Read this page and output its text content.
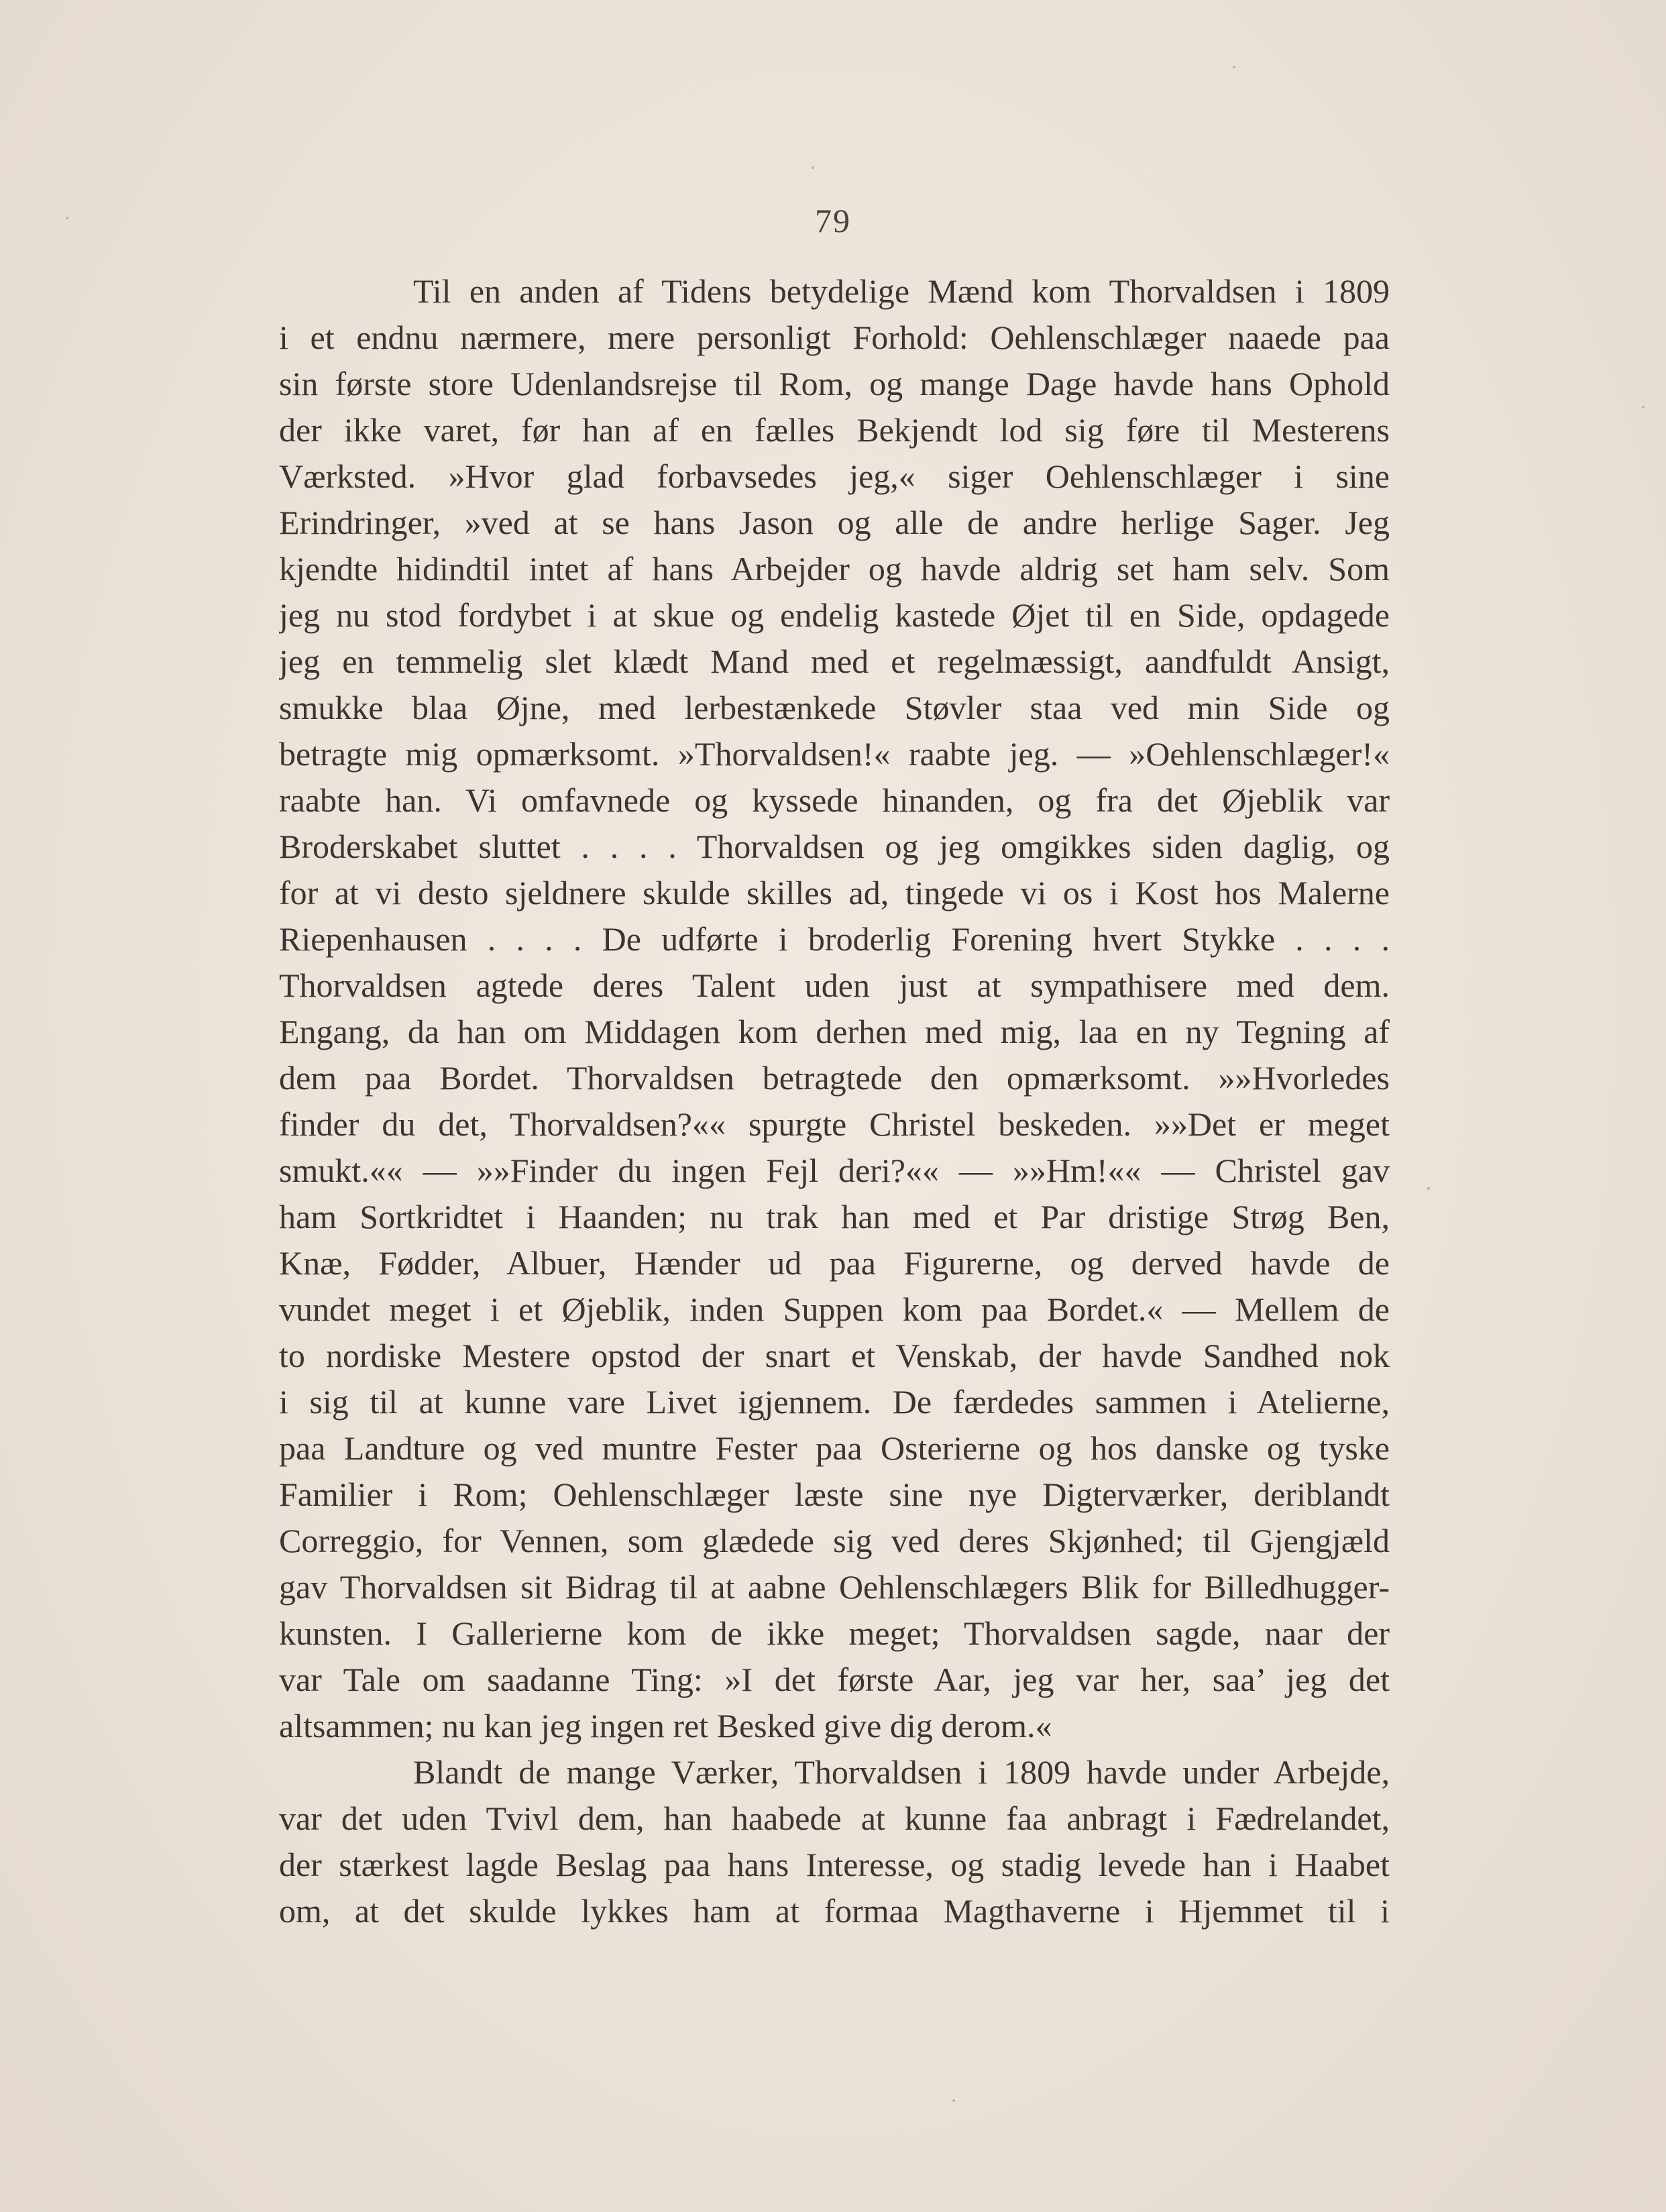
79
Til en anden af Tidens betydelige Mænd kom Thorvaldsen i 1809
i et endnu nærmere, mere personligt Forhold: Oehlenschlæger naaede paa
sin første store Udenlandsrejse til Rom, og mange Dage havde hans Ophold
der ikke varet, før han af en fælles Bekjendt lod sig føre til Mesterens
Værksted. »Hvor glad forbavsedes jeg,« siger Oehlenschlæger i sine
Erindringer, »ved at se hans Jason og alle de andre herlige Sager. Jeg
kjendte hidindtil intet af hans Arbejder og havde aldrig set ham selv. Som
jeg nu stod fordybet i at skue og endelig kastede Øjet til en Side, opdagede
jeg en temmelig slet klædt Mand med et regelmæssigt, aandfuldt Ansigt,
smukke blaa Øjne, med lerbestænkede Støvler staa ved min Side og
betragte mig opmærksomt. »Thorvaldsen!« raabte jeg. — »Oehlenschlæger!«
raabte han. Vi omfavnede og kyssede hinanden, og fra det Øjeblik var
Broderskabet sluttet . . . . Thorvaldsen og jeg omgikkes siden daglig, og
for at vi desto sjeldnere skulde skilles ad, tingede vi os i Kost hos Malerne
Riepenhausen . . . . De udførte i broderlig Forening hvert Stykke . . . .
Thorvaldsen agtede deres Talent uden just at sympathisere med dem.
Engang, da han om Middagen kom derhen med mig, laa en ny Tegning af
dem paa Bordet. Thorvaldsen betragtede den opmærksomt. »»Hvorledes
finder du det, Thorvaldsen?«« spurgte Christel beskeden. »»Det er meget
smukt.«« — »»Finder du ingen Fejl deri?«« — »»Hm!«« — Christel gav
ham Sortkridtet i Haanden; nu trak han med et Par dristige Strøg Ben,
Knæ, Fødder, Albuer, Hænder ud paa Figurerne, og derved havde de
vundet meget i et Øjeblik, inden Suppen kom paa Bordet.« — Mellem de
to nordiske Mestere opstod der snart et Venskab, der havde Sandhed nok
i sig til at kunne vare Livet igjennem. De færdedes sammen i Atelierne,
paa Landture og ved muntre Fester paa Osterierne og hos danske og tyske
Familier i Rom; Oehlenschlæger læste sine nye Digterværker, deriblandt
Correggio, for Vennen, som glædede sig ved deres Skjønhed; til Gjengjæld
gav Thorvaldsen sit Bidrag til at aabne Oehlenschlægers Blik for Billedhugger-
kunsten. I Gallerierne kom de ikke meget; Thorvaldsen sagde, naar der
var Tale om saadanne Ting: »I det første Aar, jeg var her, saa’ jeg det
altsammen; nu kan jeg ingen ret Besked give dig derom.«
Blandt de mange Værker, Thorvaldsen i 1809 havde under Arbejde,
var det uden Tvivl dem, han haabede at kunne faa anbragt i Fædrelandet,
der stærkest lagde Beslag paa hans Interesse, og stadig levede han i Haabet
om, at det skulde lykkes ham at formaa Magthaverne i Hjemmet til i
